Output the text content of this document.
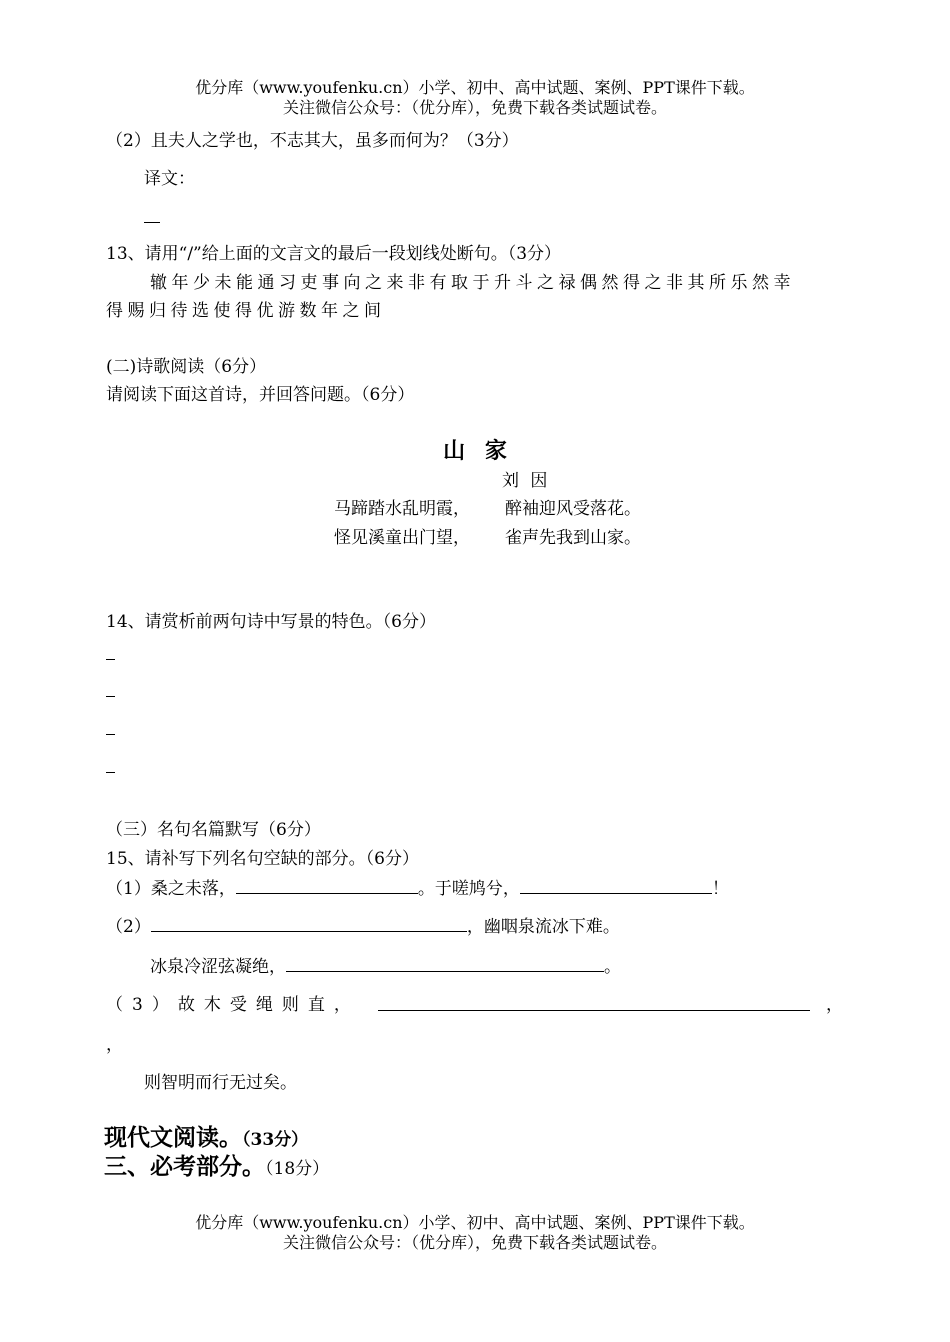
优分库（www.youfenku.cn）小学、初中、高中试题、案例、PPT课件下载。
关注微信公众号：（优分库），免费下载各类试题试卷。
（2）且夫人之学也，不志其大，虽多而何为？（3分）
译文：
13、请用“/”给上面的文言文的最后一段划线处断句。（3分）
辙年少未能通习吏事向之来非有取于升斗之禄偶然得之非其所乐然幸
得赐归待选使得优游数年之间
(二)诗歌阅读（6分）
请阅读下面这首诗，并回答问题。（6分）
山 家
刘 因
马蹄踏水乱明霞， 醉袖迎风受落花。
怪见溪童出门望， 雀声先我到山家。
14、请赏析前两句诗中写景的特色。（6分）
（三）名句名篇默写（6分）
15、请补写下列名句空缺的部分。（6分）
（1）桑之未落，	。于嗟鸠兮，	！
（2）	，幽咽泉流冰下难。
冰泉冷涩弦凝绝，	。
（3）故木受绳则直，	，
，
则智明而行无过矣。
现代文阅读。（33分）
三、必考部分。（18分）
优分库（www.youfenku.cn）小学、初中、高中试题、案例、PPT课件下载。
关注微信公众号：（优分库），免费下载各类试题试卷。
